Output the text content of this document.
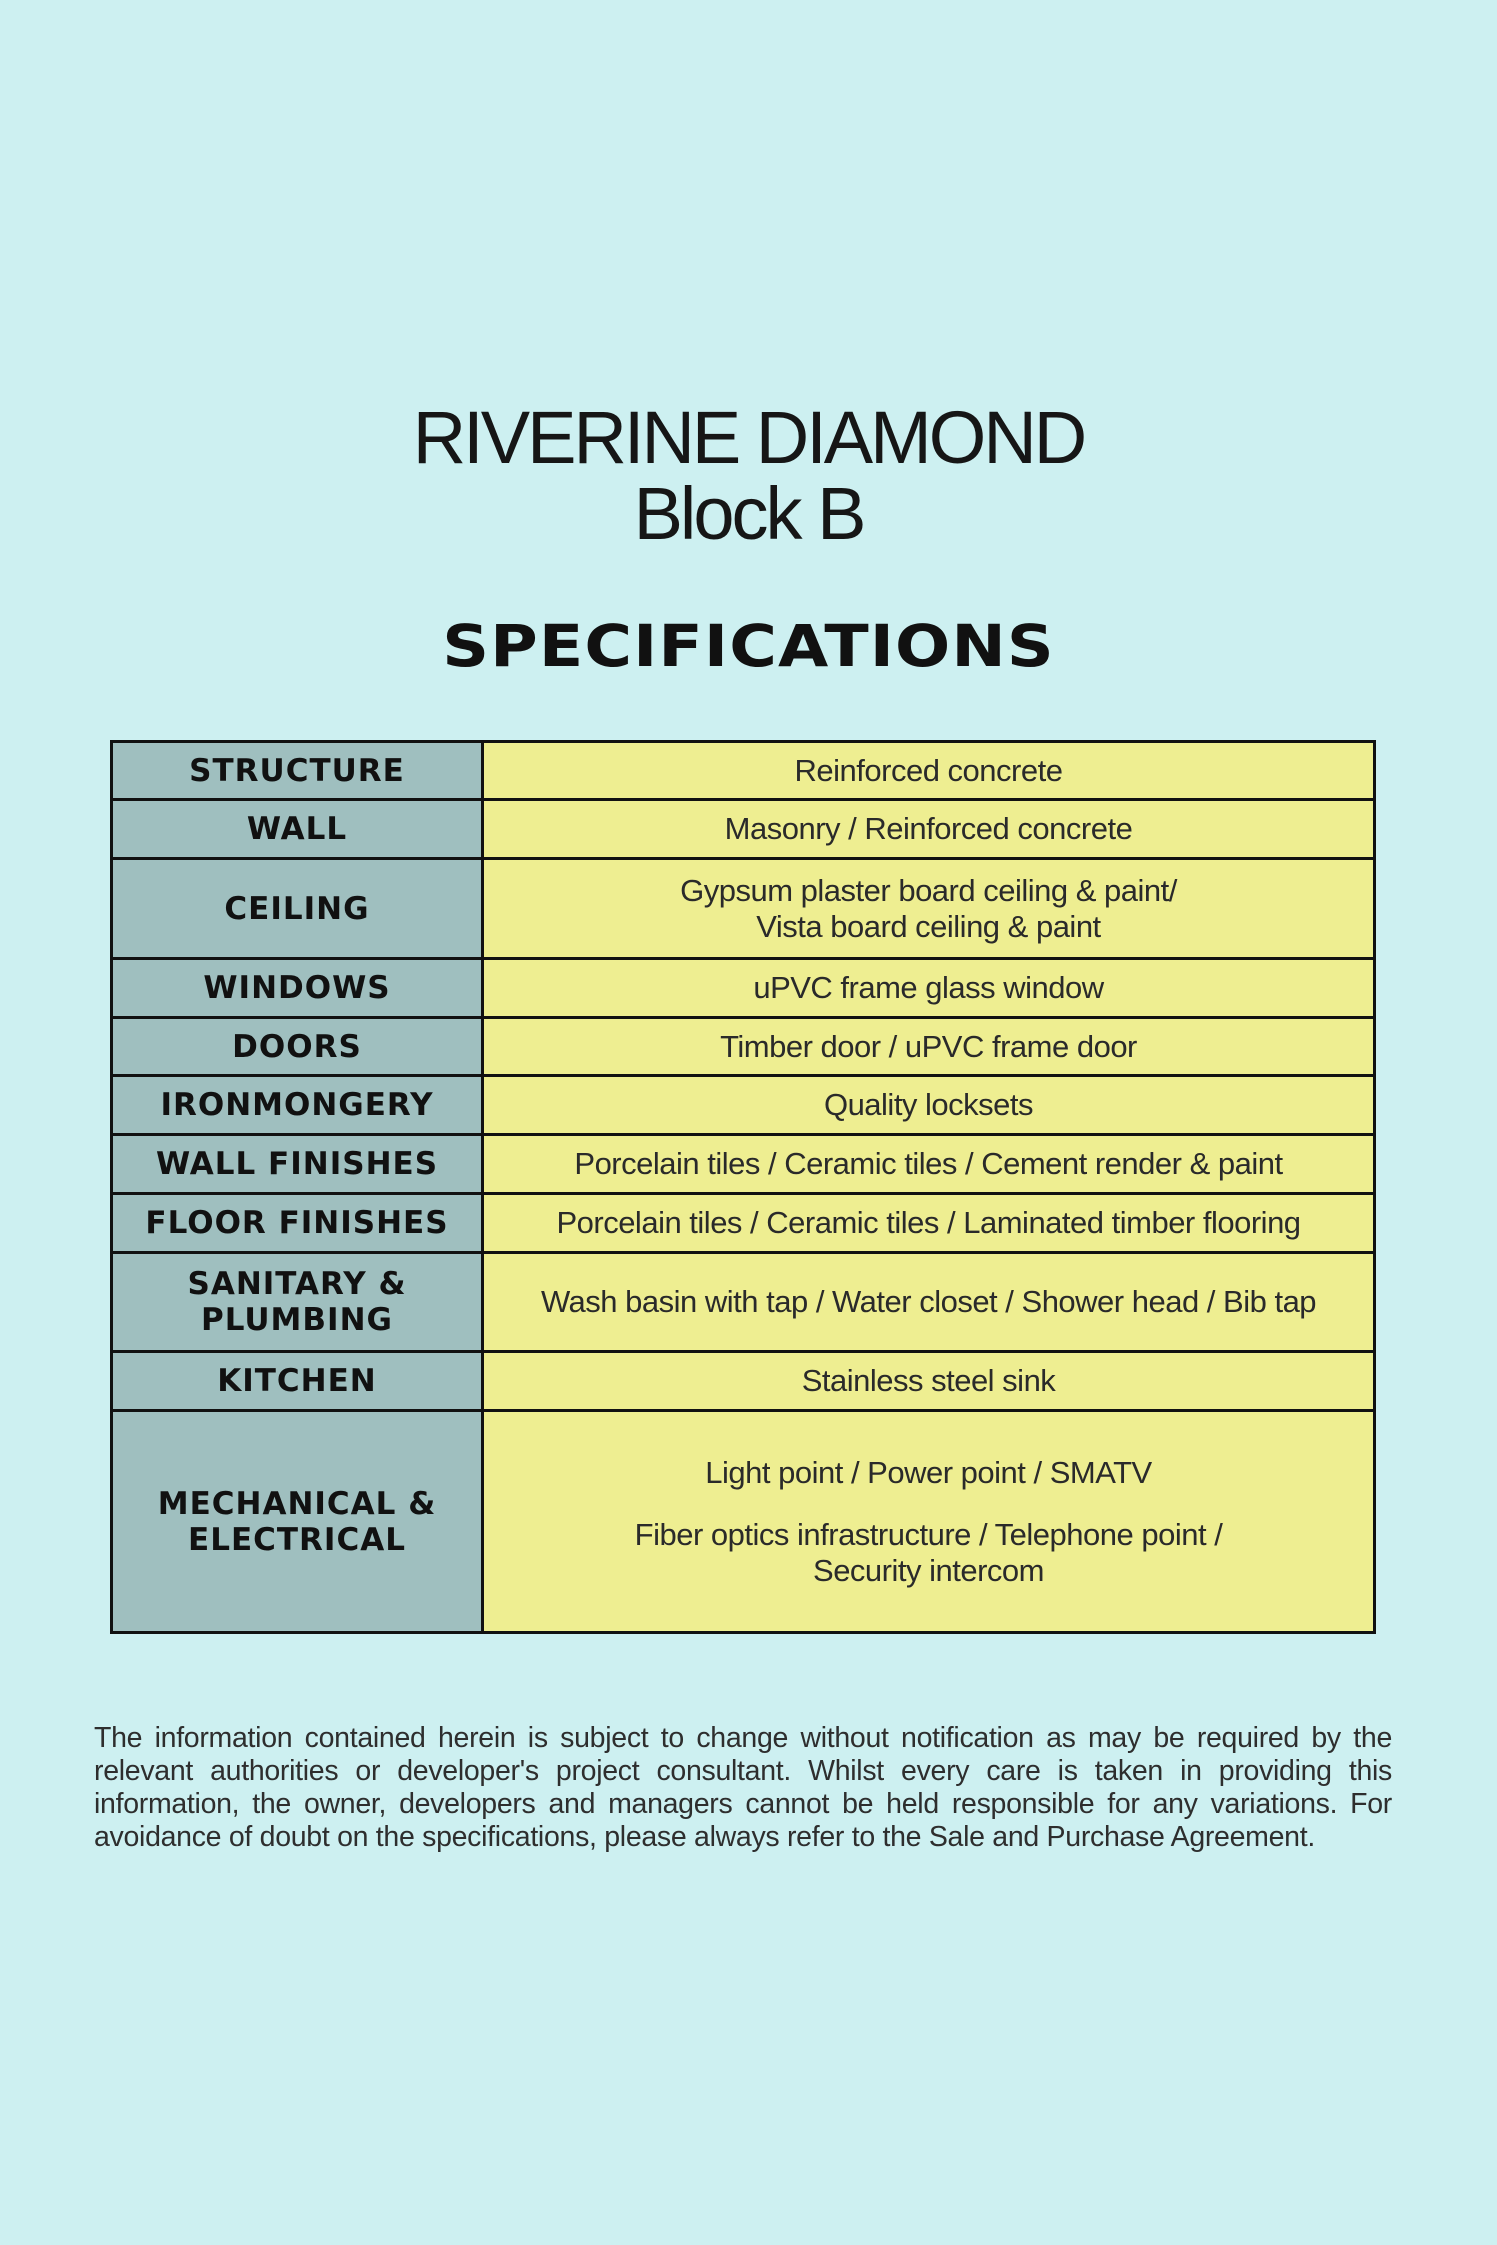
RIVERINE DIAMOND
Block B
SPECIFICATIONS
STRUCTURE	Reinforced concrete

WALL	Masonry / Reinforced concrete

CEILING	Gypsum plaster board ceiling & paint/
Vista board ceiling & paint

WINDOWS	uPVC frame glass window

DOORS	Timber door / uPVC frame door

IRONMONGERY	Quality locksets

WALL FINISHES	Porcelain tiles / Ceramic tiles / Cement render & paint

FLOOR FINISHES	Porcelain tiles / Ceramic tiles / Laminated timber flooring

SANITARY &
PLUMBING	Wash basin with tap / Water closet / Shower head / Bib tap

KITCHEN	Stainless steel sink

MECHANICAL &
ELECTRICAL	Light point / Power point / SMATV
Fiber optics infrastructure / Telephone point /
Security intercom
The information contained herein is subject to change without notification as may be required by the relevant authorities or developer's project consultant. Whilst every care is taken in providing this information, the owner, developers and managers cannot be held responsible for any variations. For avoidance of doubt on the specifications, please always refer to the Sale and Purchase Agreement.
